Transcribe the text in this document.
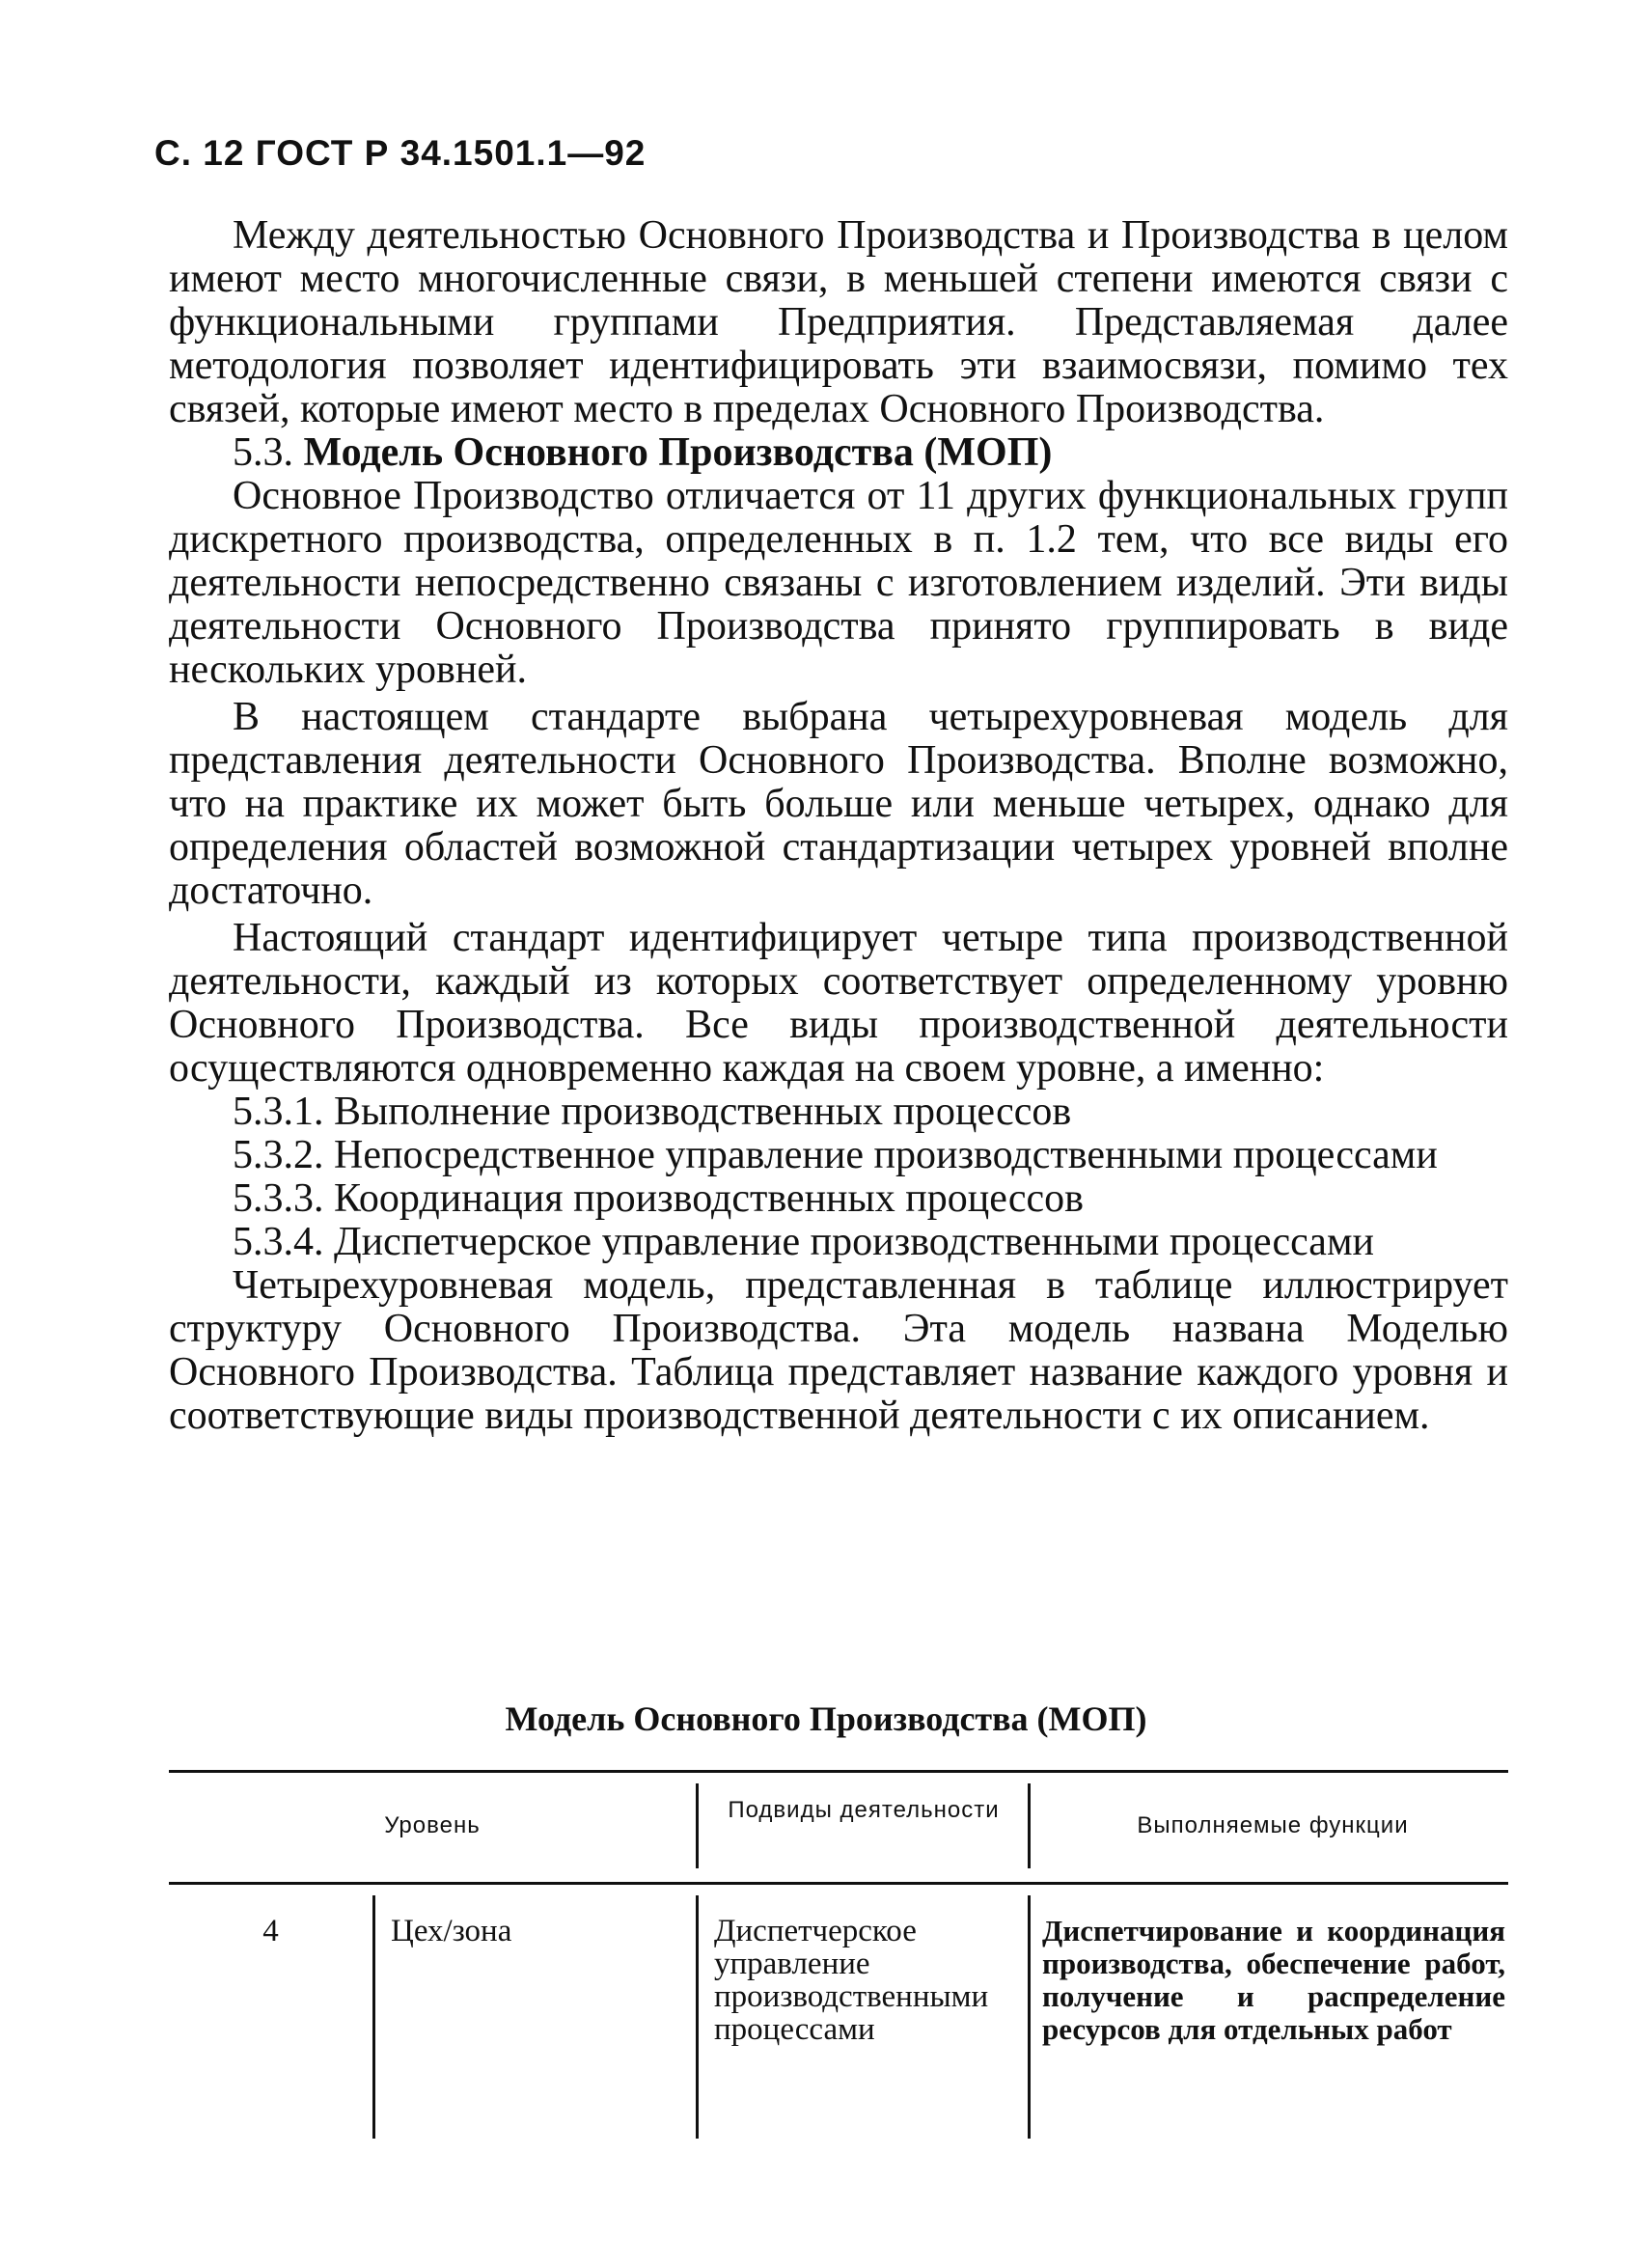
С. 12 ГОСТ Р 34.1501.1—92

Между деятельностью Основного Производства и Производства в целом имеют место многочисленные связи, в меньшей степени имеются связи с функциональными группами Предприятия. Представляемая далее методология позволяет идентифицировать эти взаимосвязи, помимо тех связей, которые имеют место в пределах Основного Производства.

5.3. Модель Основного Производства (МОП)

Основное Производство отличается от 11 других функциональных групп дискретного производства, определенных в п. 1.2 тем, что все виды его деятельности непосредственно связаны с изготовлением изделий. Эти виды деятельности Основного Производства принято группировать в виде нескольких уровней.

В настоящем стандарте выбрана четырехуровневая модель для представления деятельности Основного Производства. Вполне возможно, что на практике их может быть больше или меньше четырех, однако для определения областей возможной стандартизации четырех уровней вполне достаточно.

Настоящий стандарт идентифицирует четыре типа производственной деятельности, каждый из которых соответствует определенному уровню Основного Производства. Все виды производственной деятельности осуществляются одновременно каждая на своем уровне, а именно:

5.3.1. Выполнение производственных процессов

5.3.2. Непосредственное управление производственными процессами

5.3.3. Координация производственных процессов

5.3.4. Диспетчерское управление производственными процессами

Четырехуровневая модель, представленная в таблице иллюстрирует структуру Основного Производства. Эта модель названа Моделью Основного Производства. Таблица представляет название каждого уровня и соответствующие виды производственной деятельности с их описанием.

Модель Основного Производства (МОП)
Уровень
Подвиды деятельности
Выполняемые функции
4	Цех/зона	Диспетчерское управление производственными процессами
Диспетчирование и координация производства, обеспечение работ, получение и распределение ресурсов для отдельных работ
